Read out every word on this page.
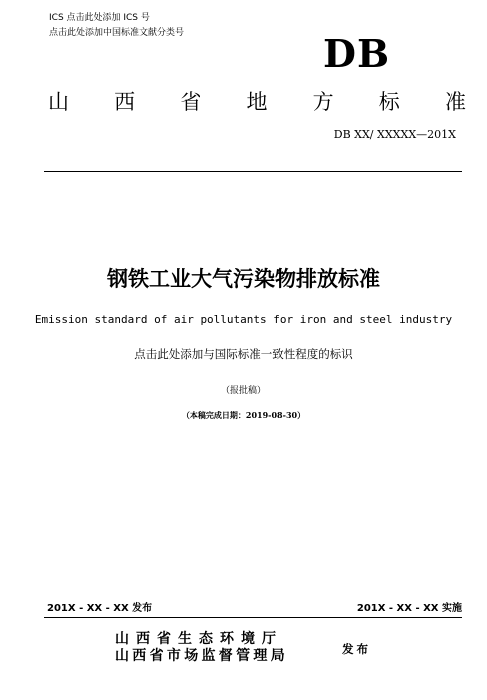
ICS 点击此处添加 ICS 号
点击此处添加中国标准文献分类号	DB
山 西 省 地 方 标 准
DB XX/ XXXXX—201X
钢铁工业大气污染物排放标准
Emission standard of air pollutants for iron and steel industry
点击此处添加与国际标准一致性程度的标识
（报批稿）
（本稿完成日期：2019-08-30）
201X - XX - XX 发布	201X - XX - XX 实施
山西省生态环境厅
山西省市场监督管理局	发布
